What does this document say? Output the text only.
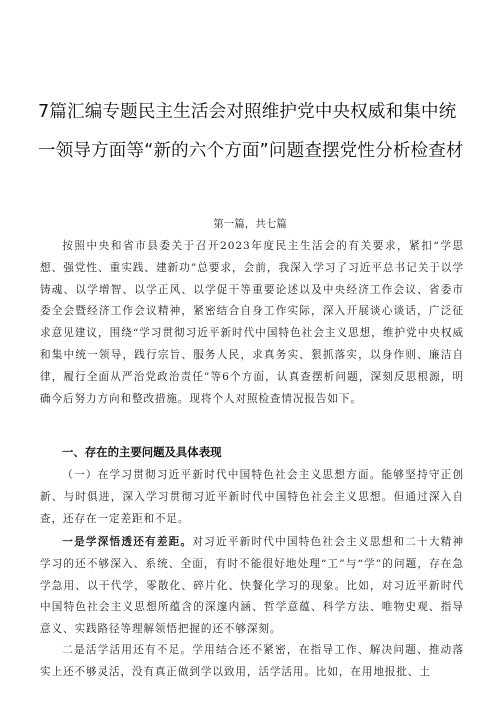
7篇汇编专题民主生活会对照维护党中央权威和集中统
一领导方面等“新的六个方面”问题查摆党性分析检查材
第一篇，共七篇

按照中央和省市县委关于召开2023年度民主生活会的有关要求，紧扣“学思想、强党性、重实践、建新功”总要求，会前，我深入学习了习近平总书记关于以学铸魂、以学增智、以学正风、以学促干等重要论述以及中央经济工作会议、省委市委全会暨经济工作会议精神，紧密结合自身工作实际，深入开展谈心谈话，广泛征求意见建议，围绕“学习贯彻习近平新时代中国特色社会主义思想，维护党中央权威和集中统一领导，践行宗旨、服务人民，求真务实、狠抓落实，以身作则、廉洁自律，履行全面从严治党政治责任”等6个方面，认真查摆析问题，深刻反思根源，明确今后努力方向和整改措施。现将个人对照检查情况报告如下。

一、存在的主要问题及具体表现

（一）在学习贯彻习近平新时代中国特色社会主义思想方面。能够坚持守正创新、与时俱进，深入学习贯彻习近平新时代中国特色社会主义思想。但通过深入自查，还存在一定差距和不足。

一是学深悟透还有差距。对习近平新时代中国特色社会主义思想和二十大精神学习的还不够深入、系统、全面，有时不能很好地处理“工”与“学”的问题，存在急学急用、以干代学，零散化、碎片化、快餐化学习的现象。比如，对习近平新时代中国特色社会主义思想所蕴含的深邃内涵、哲学意蕴、科学方法、唯物史观、指导意义、实践路径等理解领悟把握的还不够深刻。

二是活学活用还有不足。学用结合还不紧密，在指导工作、解决问题、推动落实上还不够灵活，没有真正做到学以致用，活学活用。比如，在用地报批、土
